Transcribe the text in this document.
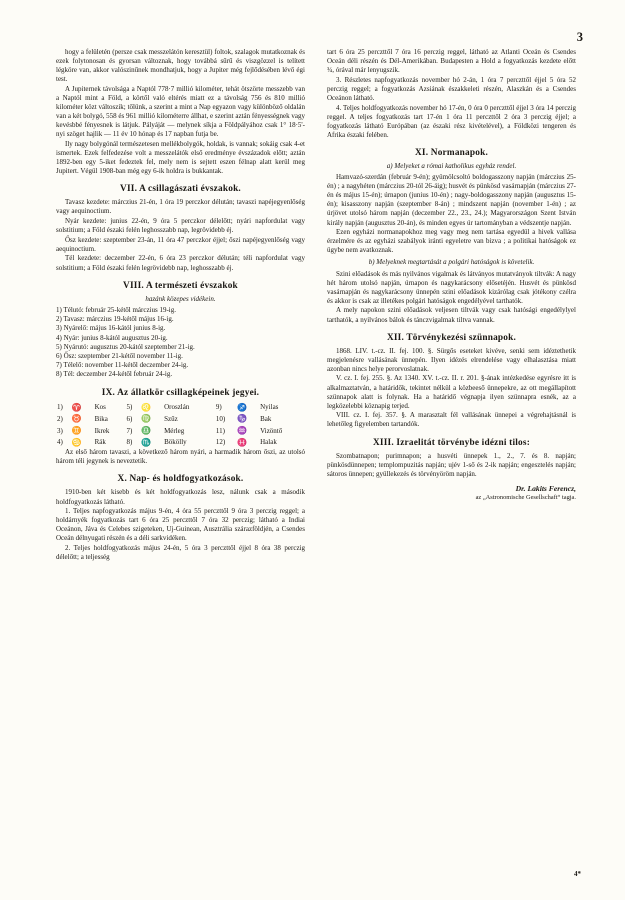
3

hogy a felületén (persze csak messzelátón keresztül) foltok, szalagok mutatkoznak és ezek folytonosan és gyorsan változnak, hogy továbbá sűrű és viszgözzel is telített légköre van, akkor valószinűnek mondhatjuk, hogy a Jupiter még fejlődésében lévő égi test.

A Jupiternek távolsága a Naptól 778·7 millió kilométer, tehát ötszörte messzebb van a Naptól mint a Föld, a körtől való eltérés miatt ez a távolság 756 és 810 millió kilométer közt váltoszik; tőlünk, a szerint a mint a Nap egyazon vagy különböző oldalán van a két bolygó, 558 és 961 millió kilométerre állhat, e szerint aztán fényességnek vagy kevésbbé fényesnek is látjuk. Pályáját — melynek síkja a Földpályához csak 1° 18·5'-nyi szöget hajlik — 11 év 10 hónap és 17 napban futja be.

Ily nagy bolygónál természetesen mellékbolygók, holdak, is vannak; sokáig csak 4-et ismertek. Ezek felfedezése volt a messzelátók első eredménye évszázadok előtt; aztán 1892-ben egy 5-iket fedeztek fel, mely nem is sejtett eszen félnap alatt kerül meg Jupitert. Végül 1908-ban még egy 6-ik holdra is bukkantak.

VII. A csillagászati évszakok.

Tavasz kezdete: márczius 21-én, 1 óra 19 perczkor délután; tavaszi napéjegyenlőség vagy aequinoctium.

Nyár kezdete: junius 22-én, 9 óra 5 perczkor délelőtt; nyári napfordulat vagy solstitium; a Föld északi felén leghosszabb nap, legrövidebb éj.

Ősz kezdete: szeptember 23-án, 11 óra 47 perczkor éjjel; őszi napéjegyenlőség vagy aequinoctium.

Tél kezdete: deczember 22-én, 6 óra 23 perczkor délután; téli napfordulat vagy solstitium; a Föld északi felén legrövidebb nap, leghosszabb éj.

VIII. A természeti évszakok
hazánk közepes vidékein.

1) Télutó: február 25-kétől márczius 19-ig.

2) Tavasz: márczius 19-kétől május 16-ig.

3) Nyárelő: május 16-kától junius 8-ig.

4) Nyár: junius 8-kától augusztus 20-ig.

5) Nyárutó: augusztus 20-kától szeptember 21-ig.

6) Ősz: szeptember 21-kétől november 11-ig.

7) Télelő: november 11-kétől deczember 24-ig.

8) Tél: deczember 24-kétől február 24-ig.

IX. Az állatkör csillagképeinek jegyei.
1)	♈	Kos	5)	♌	Oroszlán	9)	♐	Nyilas
2)	♉	Bika	6)	♍	Szűz	10)	♑	Bak
3)	♊	Ikrek	7)	♎	Mérleg	11)	♒	Vizöntő
4)	♋	Rák	8)	♏	Bökölly	12)	♓	Halak

Az első három tavaszi, a következő három nyári, a harmadik három őszi, az utolsó három téli jegynek is neveztetik.

X. Nap- és holdfogyatkozások.

1910-ben két kisebb és két holdfogyatkozás lesz, nálunk csak a második holdfogyatkozás látható.

1. Teljes napfogyatkozás május 9-én, 4 óra 55 perczttől 9 óra 3 perczig reggel; a holdárnyék fogyatkozás tart 6 óra 25 perczttől 7 óra 32 perczig; látható a Indiai Oceánon, Jáva és Celebes szigeteken, Uj-Guinean, Ausztrália szárazföldjén, a Csendes Oceán délnyugati részén és a déli sarkvidéken.

2. Teljes holdfogyatkozás május 24-én, 5 óra 3 perczttől éjjel 8 óra 38 perczig délelőtt; a teljesség

tart 6 óra 25 perczttől 7 óra 16 perczig reggel, látható az Atlanti Oceán és Csendes Oceán déli részén és Dél-Amerikában. Budapesten a Hold a fogyatkozás kezdete előtt ¾, órával már lenyugszik.

3. Részletes napfogyatkozás november hó 2-án, 1 óra 7 perczttől éjjel 5 óra 52 perczig reggel; a fogyatkozás Azsiának északkeleti részén, Alaszkán és a Csendes Oceánon látható.

4. Teljes holdfogyatkozás november hó 17-én, 0 óra 0 perczttől éjjel 3 óra 14 perczig reggel. A teljes fogyatkozás tart 17-én 1 óra 11 perczttől 2 óra 3 perczig éjjel; a fogyatkozás látható Európában (az északi rész kivételével), a Földközi tengeren és Afrika északi felében.

XI. Normanapok.
a) Melyeket a római katholikus egyház rendel.

Hamvazó-szerdán (február 9-én); gyümölcsoltó boldogasszony napján (márczius 25-én) ; a nagyhéten (márczius 20-tól 26-áig); husvét és pünkösd vasárnapján (márczius 27-én és május 15-én); úrnapon (junius 10-én) ; nagy-boldogasszony napján (augusztus 15-én); kisasszony napján (szeptember 8-án) ; mindszent napján (november 1-én) ; az úrjövet utolsó három napján (deczember 22., 23., 24.); Magyarországon Szent István király napján (augusztus 20-án), és minden egyes úr tartományban a védszentje napján.

Ezen egyházi normanapokhoz meg vagy meg nem tartása egyedül a hivek vallása érzelmére és az egyházi szabályok iránti egyeletre van bizva ; a politikai hatóságok ez ügybe nem avatkoznak.

b) Melyeknek megtartását a polgári hatóságok is követelik.

Szini előadások és más nyilvános vigalmak és látványos mutatványok tiltvák: A nagy hét három utolsó napján, úrnapon és nagykarácsony elősetéjén. Husvét és pünkösd vasárnapján és nagykarácsony ünnepén szini előadások kizárólag csak jótékony czélra és akkor is csak az illetékes polgári hatóságok engedélyével tarthatók.

A mely napokon szini előadások veljesen tiltvák vagy csak hatósági engedélylyel tarthatók, a nyilvános bálok és tánczvigalmak tiltva vannak.

XII. Törvénykezési szünnapok.

1868. LIV. t.-cz. II. fej. 100. §. Sürgős eseteket kivéve, senki sem idéztethetik megjelenésre vallásának ünnepén. Ilyen idézés elrendelése vagy elhalasztása miatt azonban nincs helye perorvoslatnak.

V. cz. I. fej. 255. §. Az 1340. XV. t.-cz. II. r. 201. §-ának intézkedése egyrésre itt is alkalmaztatván, a határidők, tekintet nélkül a közbeeső ünnepekre, az ott megállapított szünnapok alatt is folynak. Ha a határidő végnapja ilyen szünnapra esnék, az a legközelebbi köznapig terjed.

VIII. cz. I. fej. 357. §. A marasztalt fél vallásának ünnepei a végrehajtásnál is lehetőleg figyelemben tartandók.

XIII. Izraelitát törvénybe idézni tilos:

Szombatnapon; purimnapon; a husvéti ünnepek 1., 2., 7. és 8. napján; pünkösdünnepen; templompuzitás napján; ujév 1-ső és 2-ik napján; engesztelés napján; sátoros ünnepen; gyüllekezés és törvényöröm napján.

Dr. Lakits Ferencz,
az „Astronomische Gesellschaft“ tagja.
4*
